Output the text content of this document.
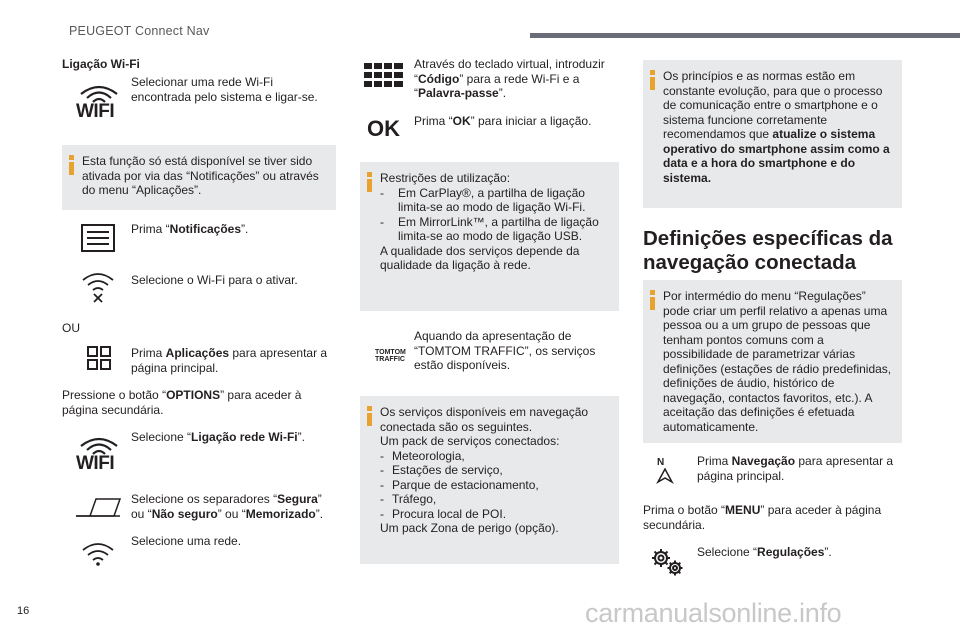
PEUGEOT Connect Nav
Ligação Wi-Fi
WIFI
Selecionar uma rede Wi-Fi encontrada pelo sistema e ligar-se.
Esta função só está disponível se tiver sido ativada por via das “Notificações” ou através do menu “Aplicações”.
Prima “Notificações”.
Selecione o Wi-Fi para o ativar.
OU
Prima Aplicações para apresentar a página principal.
Pressione o botão “OPTIONS” para aceder à página secundária.
WIFI
Selecione “Ligação rede Wi-Fi”.
Selecione os separadores “Segura” ou “Não seguro” ou “Memorizado”.
Selecione uma rede.
Através do teclado virtual, introduzir “Código” para a rede Wi-Fi e a “Palavra-passe”.
OK Prima “OK” para iniciar a ligação.
Restrições de utilização:
- Em CarPlay®, a partilha de ligação limita-se ao modo de ligação Wi-Fi.
- Em MirrorLink™, a partilha de ligação limita-se ao modo de ligação USB.
A qualidade dos serviços depende da qualidade da ligação à rede.
TOMTOM
TRAFFIC
Aquando da apresentação de “TOMTOM TRAFFIC”, os serviços estão disponíveis.
Os serviços disponíveis em navegação conectada são os seguintes.
Um pack de serviços conectados:
- Meteorologia,
- Estações de serviço,
- Parque de estacionamento,
- Tráfego,
- Procura local de POI.
Um pack Zona de perigo (opção).
Os princípios e as normas estão em constante evolução, para que o processo de comunicação entre o smartphone e o sistema funcione corretamente recomendamos que atualize o sistema operativo do smartphone assim como a data e a hora do smartphone e do sistema.
Definições específicas da navegação conectada
Por intermédio do menu “Regulações” pode criar um perfil relativo a apenas uma pessoa ou a um grupo de pessoas que tenham pontos comuns com a possibilidade de parametrizar várias definições (estações de rádio predefinidas, definições de áudio, histórico de navegação, contactos favoritos, etc.). A aceitação das definições é efetuada automaticamente.
N	Prima Navegação para apresentar a página principal.
Prima o botão “MENU” para aceder à página secundária.
Selecione “Regulações”.
16	carmanualsonline.info
